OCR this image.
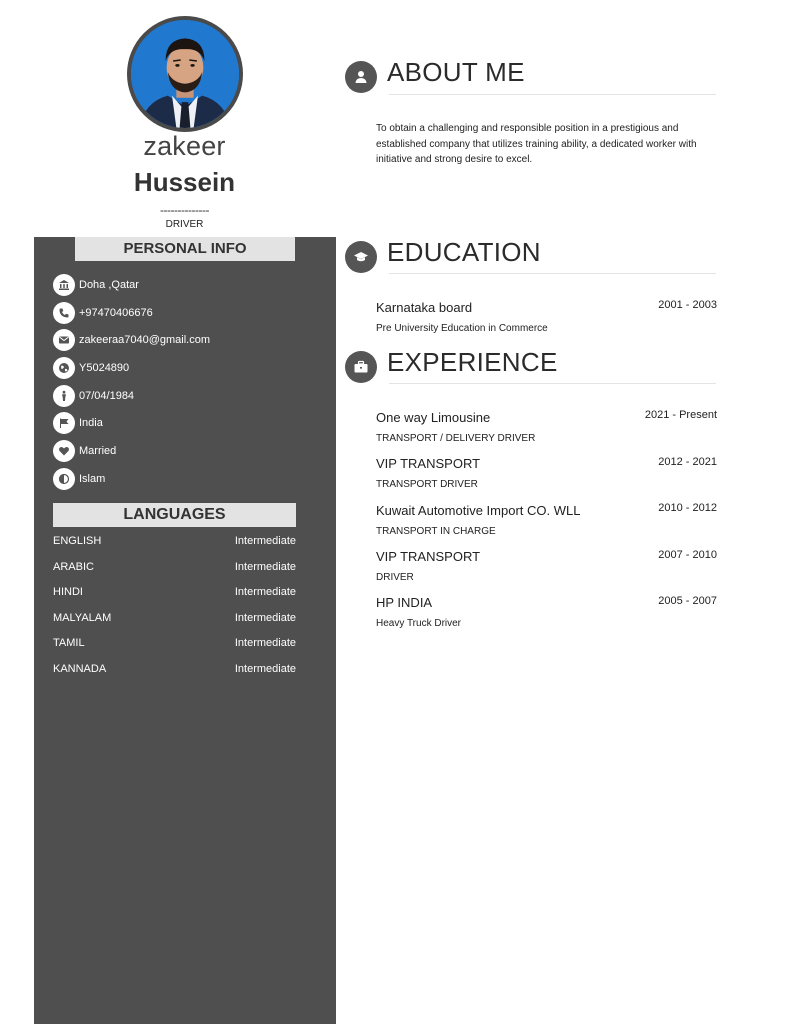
zakeer
Hussein
--------------
DRIVER
PERSONAL INFO
Doha ,Qatar
+97470406676
zakeeraa7040@gmail.com
Y5024890
07/04/1984
India
Married
Islam
LANGUAGES
ENGLISH	Intermediate
ARABIC	Intermediate
HINDI	Intermediate
MALYALAM	Intermediate
TAMIL	Intermediate
KANNADA	Intermediate
ABOUT ME
To obtain a challenging and responsible position in a prestigious and established company that utilizes training ability, a dedicated worker with initiative and strong desire to excel.
EDUCATION
Karnataka board	2001 - 2003
Pre University Education in Commerce
EXPERIENCE
One way Limousine	2021 - Present
TRANSPORT / DELIVERY DRIVER
VIP TRANSPORT	2012 - 2021
TRANSPORT DRIVER
Kuwait Automotive Import CO. WLL	2010 - 2012
TRANSPORT IN CHARGE
VIP TRANSPORT	2007 - 2010
DRIVER
HP INDIA	2005 - 2007
Heavy Truck Driver
